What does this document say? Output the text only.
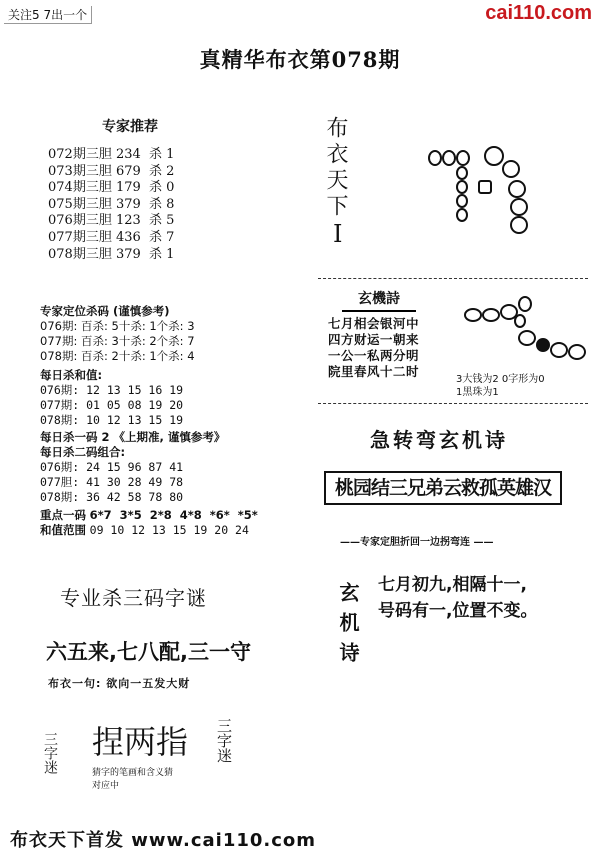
关注5 7出一个	cai110.com
真精华布衣第078期
专家推荐
072期三胆 234  杀 1
073期三胆 679  杀 2
074期三胆 179  杀 0
075期三胆 379  杀 8
076期三胆 123  杀 5
077期三胆 436  杀 7
078期三胆 379  杀 1
专家定位杀码 (谨慎参考)
076期: 百杀: 5十杀: 1个杀: 3
077期: 百杀: 3十杀: 2个杀: 7
078期: 百杀: 2十杀: 1个杀: 4
每日杀和值:
076期: 12 13 15 16 19
077期: 01 05 08 19 20
078期: 10 12 13 15 19
每日杀一码 2 《上期准, 谨慎参考》
每日杀二码组合:
076期: 24 15 96 87 41
077胆: 41 30 28 49 78
078期: 36 42 58 78 80
重点一码 6*7  3*5  2*8  4*8  *6*  *5*
和值范围 09 10 12 13 15 19 20 24
专业杀三码字谜
六五来,七八配,三一守
布衣一句: 欲向一五发大财
三字迷 捏两指
猜字的笔画和含义猜
对应中
三字迷
布衣天下
I
玄機詩
七月相会银河中
四方财运一朝来
一公一私两分明
院里春风十二时
3大钱为2 0字形为0
1黑珠为1
急转弯玄机诗
桃园结三兄弟云救孤英雄汉
——专家定胆折回一边拐弯连 ——
玄机诗 七月初九,相隔十一,
号码有一,位置不变。
布衣天下首发 www.cai110.com
